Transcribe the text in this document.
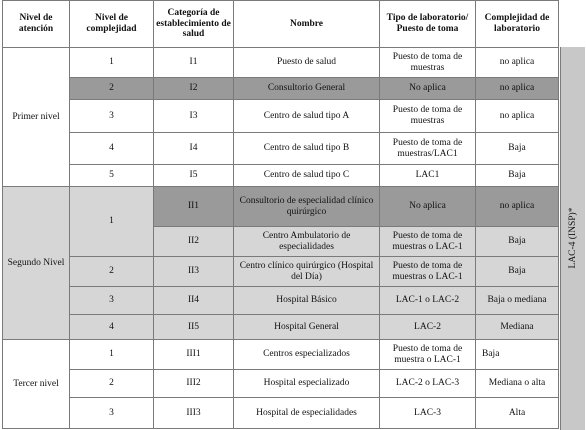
Nivel de atención	Nivel de complejidad	Categoría de establecimiento de salud	Nombre	Tipo de laboratorio/ Puesto de toma	Complejidad de laboratorio
Primer nivel	1	I1	Puesto de salud	Puesto de toma de muestras	no aplica
	2	I2	Consultorio General	No aplica	no aplica
	3	I3	Centro de salud tipo A	Puesto de toma de muestras	no aplica
	4	I4	Centro de salud tipo B	Puesto de toma de muestras/LAC1	Baja
	5	I5	Centro de salud tipo C	LAC1	Baja
Segundo Nivel	1	II1	Consultorio de especialidad clínico quirúrgico	No aplica	no aplica
		II2	Centro Ambulatorio de especialidades	Puesto de toma de muestras o LAC-1	Baja
	2	II3	Centro clínico quirúrgico (Hospital del Día)	Puesto de toma de muestras o LAC-1	Baja
	3	II4	Hospital Básico	LAC-1 o LAC-2	Baja o mediana
	4	II5	Hospital General	LAC-2	Mediana
Tercer nivel	1	III1	Centros especializados	Puesto de toma de muestra o LAC-1	Baja
	2	III2	Hospital especializado	LAC-2 o LAC-3	Mediana o alta
	3	III3	Hospital de especialidades	LAC-3	Alta
LAC-4 (INSP)*
